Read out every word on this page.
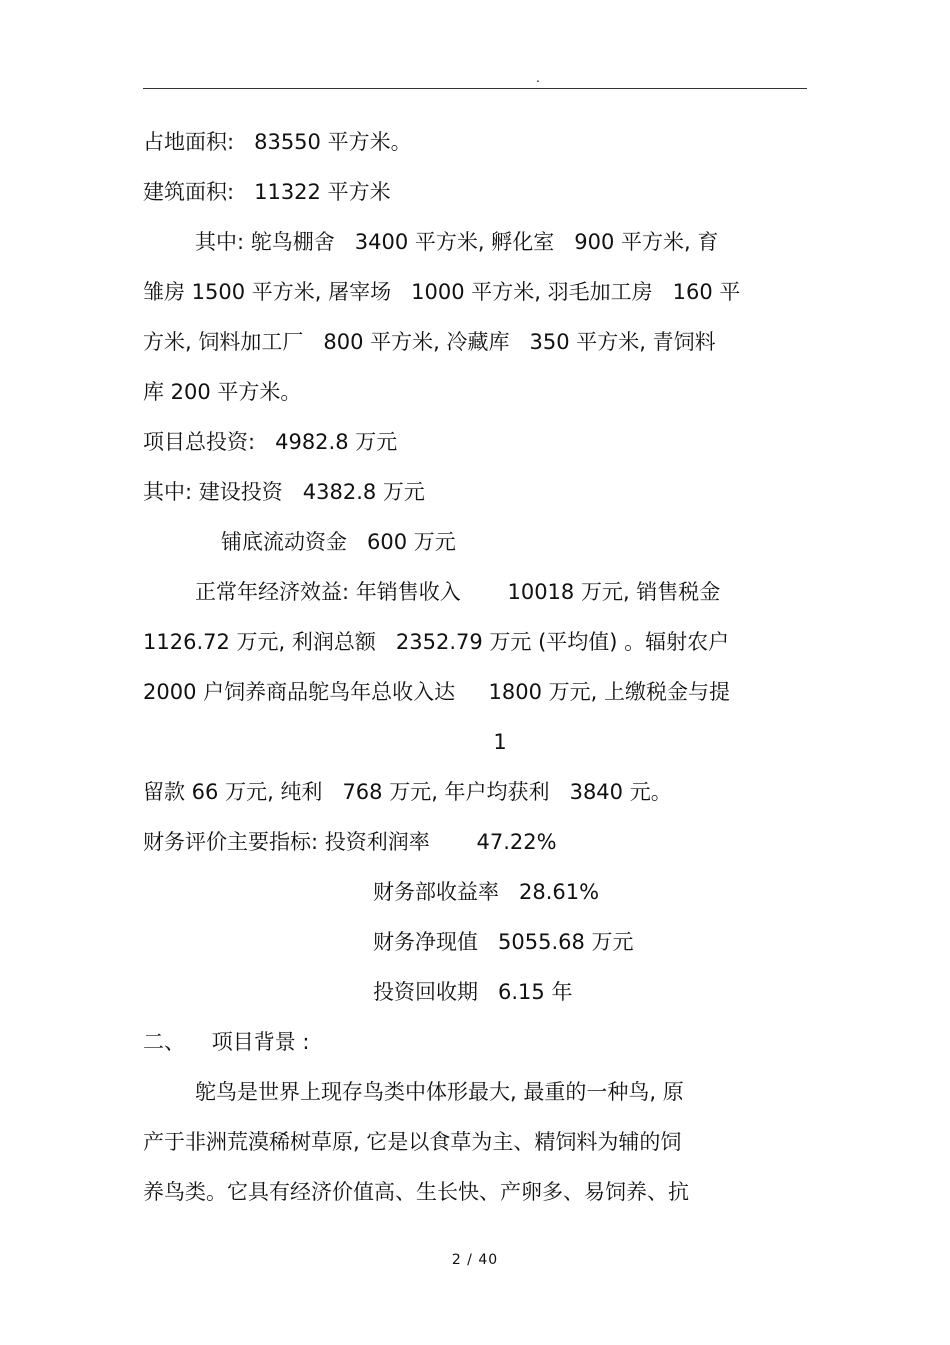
.
占地面积:   83550 平方米。
建筑面积:   11322 平方米
其中: 鸵鸟棚舍   3400 平方米, 孵化室   900 平方米, 育
雏房 1500 平方米, 屠宰场   1000 平方米, 羽毛加工房   160 平
方米, 饲料加工厂   800 平方米, 冷藏库   350 平方米, 青饲料
库 200 平方米。
项目总投资:   4982.8 万元
其中: 建设投资   4382.8 万元
铺底流动资金   600 万元
正常年经济效益: 年销售收入       10018 万元, 销售税金
1126.72 万元, 利润总额   2352.79 万元 (平均值) 。辐射农户
2000 户饲养商品鸵鸟年总收入达     1800 万元, 上缴税金与提
1
留款 66 万元, 纯利   768 万元, 年户均获利   3840 元。
财务评价主要指标: 投资利润率       47.22%
财务部收益率   28.61%
财务净现值   5055.68 万元
投资回收期   6.15 年
二、    项目背景 :
鸵鸟是世界上现存鸟类中体形最大, 最重的一种鸟, 原
产于非洲荒漠稀树草原, 它是以食草为主、精饲料为辅的饲
养鸟类。它具有经济价值高、生长快、产卵多、易饲养、抗
2 / 40
